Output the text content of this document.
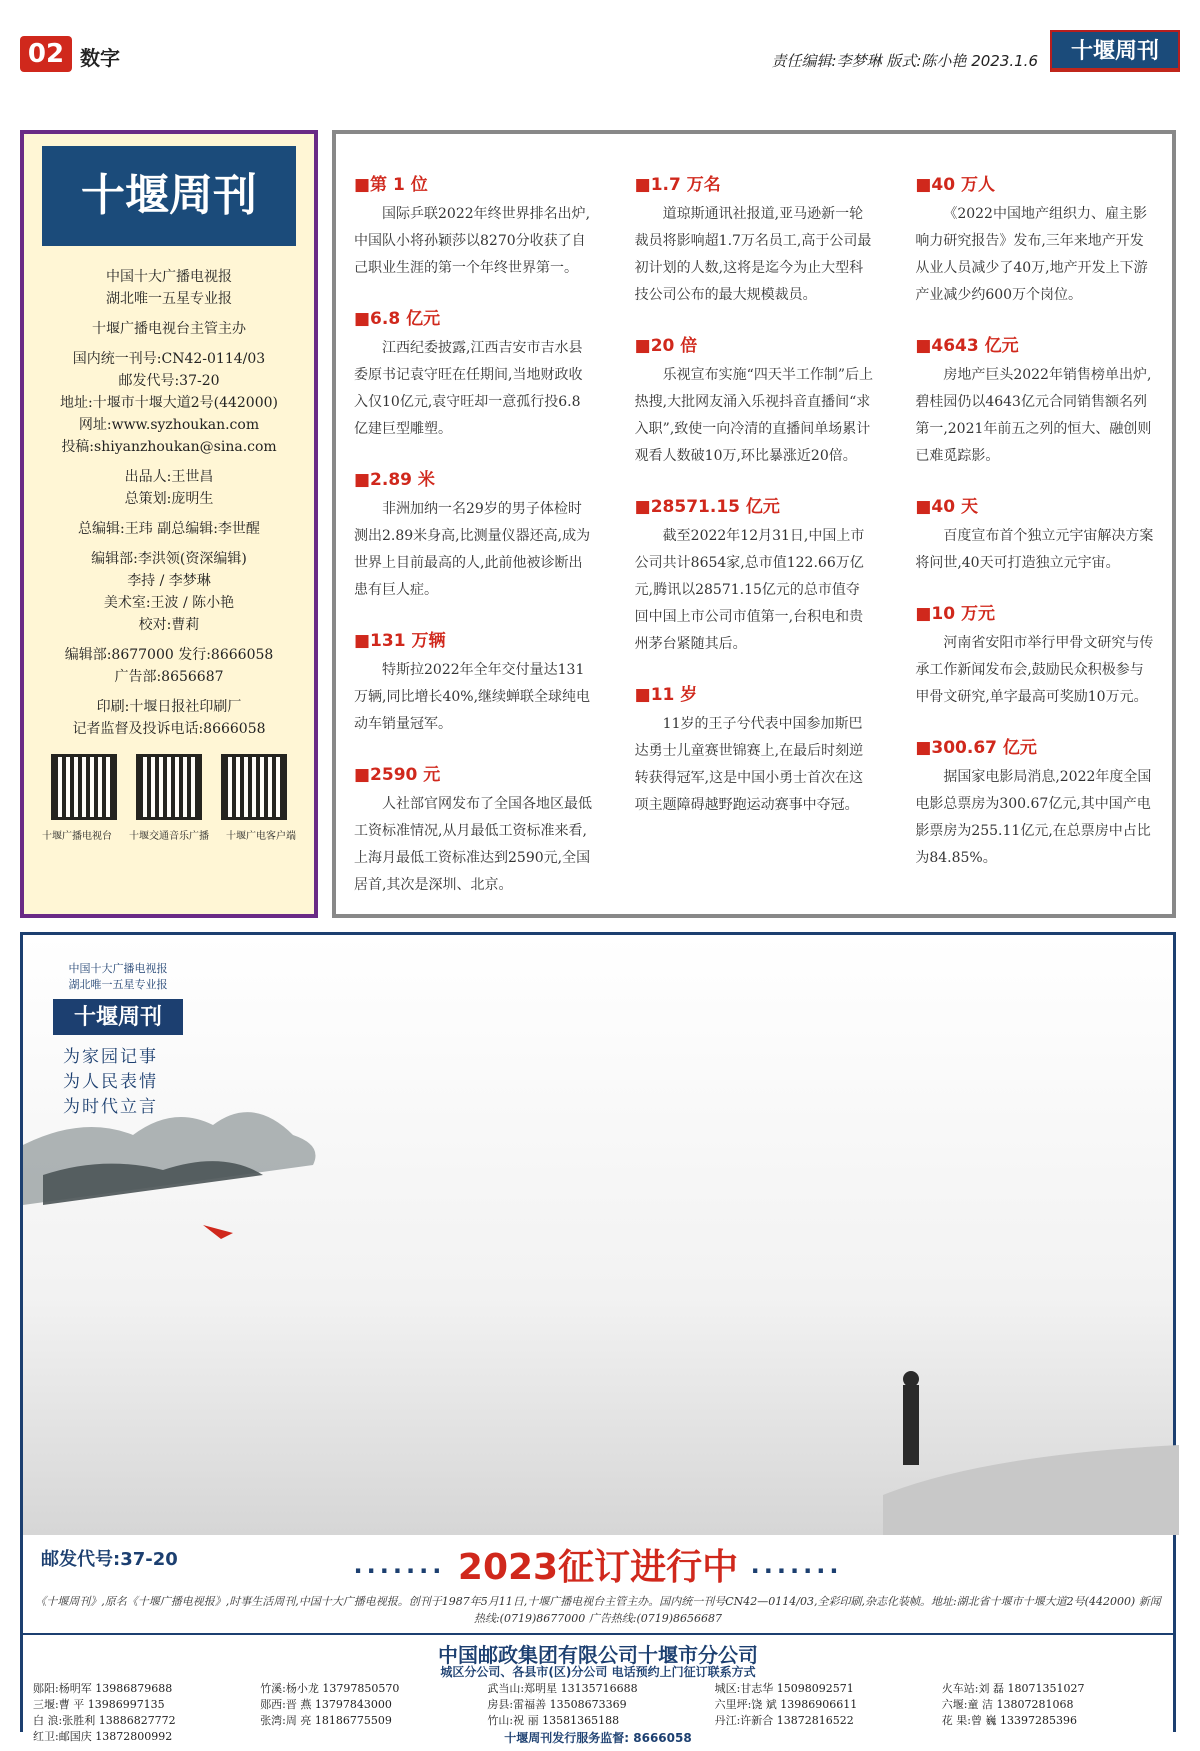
02 数字	责任编辑:李梦琳 版式:陈小艳 2023.1.6	十堰周刊
十堰周刊
中国十大广播电视报
湖北唯一五星专业报
十堰广播电视台主管主办
国内统一刊号:CN42-0114/03
邮发代号:37-20
地址:十堰市十堰大道2号(442000)
网址:www.syzhoukan.com
投稿:shiyanzhoukan@sina.com
出品人:王世昌
总策划:庞明生
总编辑:王玮 副总编辑:李世醒
编辑部:李洪领(资深编辑)
李持 / 李梦琳
美术室:王波 / 陈小艳
校对:曹莉
编辑部:8677000 发行:8666058
广告部:8656687
印刷:十堰日报社印刷厂
记者监督及投诉电话:8666058
十堰广播电视台 十堰交通音乐广播 十堰广电客户端
■第 1 位
国际乒联2022年终世界排名出炉,中国队小将孙颖莎以8270分收获了自己职业生涯的第一个年终世界第一。
■6.8 亿元
江西纪委披露,江西吉安市吉水县委原书记袁守旺在任期间,当地财政收入仅10亿元,袁守旺却一意孤行投6.8亿建巨型雕塑。
■2.89 米
非洲加纳一名29岁的男子体检时测出2.89米身高,比测量仪器还高,成为世界上目前最高的人,此前他被诊断出患有巨人症。
■131 万辆
特斯拉2022年全年交付量达131万辆,同比增长40%,继续蝉联全球纯电动车销量冠军。
■2590 元
人社部官网发布了全国各地区最低工资标准情况,从月最低工资标准来看,上海月最低工资标准达到2590元,全国居首,其次是深圳、北京。
■1.7 万名
道琼斯通讯社报道,亚马逊新一轮裁员将影响超1.7万名员工,高于公司最初计划的人数,这将是迄今为止大型科技公司公布的最大规模裁员。
■20 倍
乐视宣布实施“四天半工作制”后上热搜,大批网友涌入乐视抖音直播间“求入职”,致使一向冷清的直播间单场累计观看人数破10万,环比暴涨近20倍。
■28571.15 亿元
截至2022年12月31日,中国上市公司共计8654家,总市值122.66万亿元,腾讯以28571.15亿元的总市值夺回中国上市公司市值第一,台积电和贵州茅台紧随其后。
■11 岁
11岁的王子兮代表中国参加斯巴达勇士儿童赛世锦赛上,在最后时刻逆转获得冠军,这是中国小勇士首次在这项主题障碍越野跑运动赛事中夺冠。
■40 万人
《2022中国地产组织力、雇主影响力研究报告》发布,三年来地产开发从业人员减少了40万,地产开发上下游产业减少约600万个岗位。
■4643 亿元
房地产巨头2022年销售榜单出炉,碧桂园仍以4643亿元合同销售额名列第一,2021年前五之列的恒大、融创则已难觅踪影。
■40 天
百度宣布首个独立元宇宙解决方案将问世,40天可打造独立元宇宙。
■10 万元
河南省安阳市举行甲骨文研究与传承工作新闻发布会,鼓励民众积极参与甲骨文研究,单字最高可奖励10万元。
■300.67 亿元
据国家电影局消息,2022年度全国电影总票房为300.67亿元,其中国产电影票房为255.11亿元,在总票房中占比为84.85%。
中国十大广播电视报
湖北唯一五星专业报
十堰周刊
为家园记事
为人民表情
为时代立言
邮发代号:37-20	······· 2023征订进行中 ·······
《十堰周刊》,原名《十堰广播电视报》,时事生活周刊,中国十大广播电视报。创刊于1987年5月11日,十堰广播电视台主管主办。国内统一刊号CN42—0114/03,全彩印刷,杂志化装帧。地址:湖北省十堰市十堰大道2号(442000) 新闻热线:(0719)8677000 广告热线:(0719)8656687
中国邮政集团有限公司十堰市分公司
城区分公司、各县市(区)分公司 电话预约上门征订联系方式
郧阳:杨明军 13986879688	竹溪:杨小龙 13797850570	武当山:郑明星 13135716688	城区:甘志华 15098092571	火车站:刘 磊 18071351027
三堰:曹 平 13986997135	郧西:晋 燕 13797843000	房县:雷福善 13508673369	六里坪:饶 斌 13986906611	六堰:童 洁 13807281068
白 浪:张胜利 13886827772	张湾:周 亮 18186775509	竹山:祝 丽 13581365188	丹江:许新合 13872816522	花 果:曾 巍 13397285396
红卫:邮国庆 13872800992	十堰周刊发行服务监督: 8666058
